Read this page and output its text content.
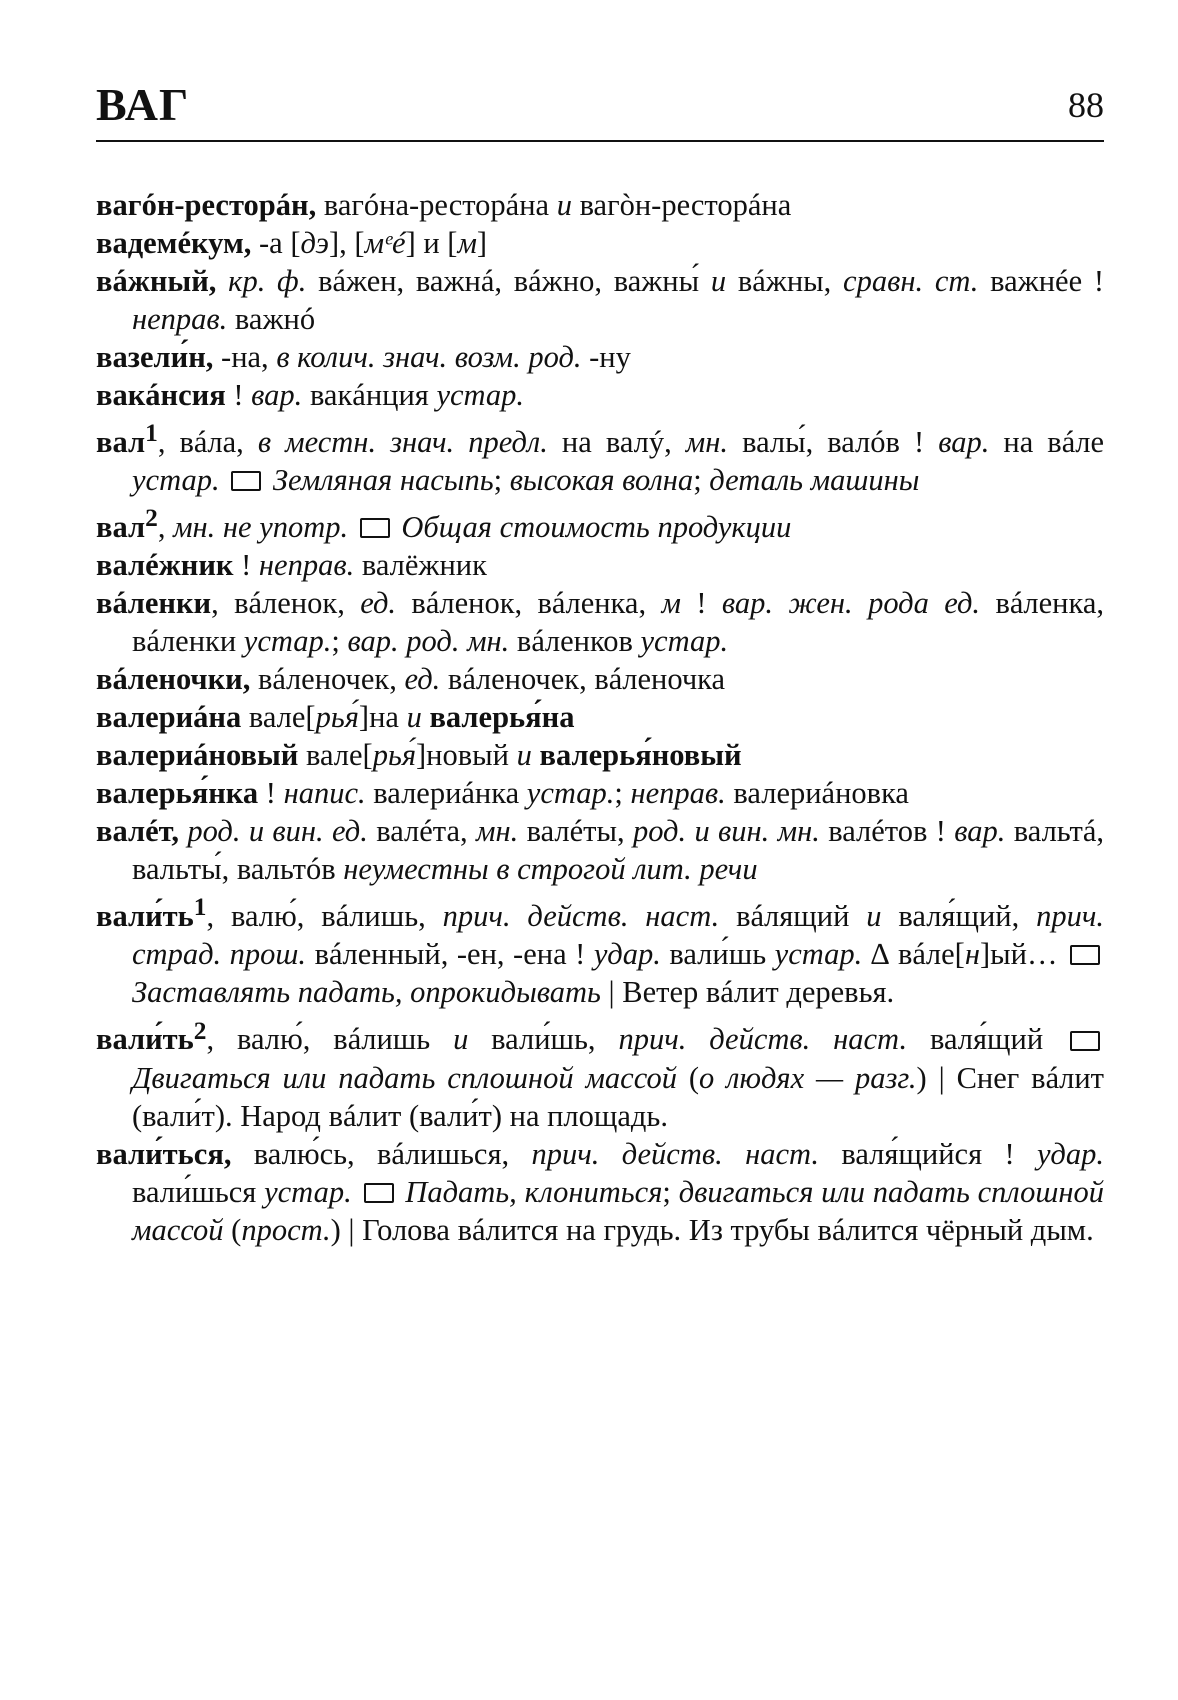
ВАГ	88
вагóн-ресторáн, вагóна-ресторáна и вагòн-ресторáна
вадемéкум, -а [дэ], [мᵉé] и [м]
вáжный, кр. ф. вáжен, важнá, вáжно, важны́ и вáжны, сравн. ст. важнéе ! неправ. важнó
вазели́н, -на, в колич. знач. возм. род. -ну
вакáнсия ! вар. вакáнция устар.
вал$^1$, вáла, в местн. знач. предл. на валý, мн. валы́, валóв ! вар. на вáле устар.  Земляная насыпь; высокая волна; деталь машины
вал$^2$, мн. не употр.  Общая стоимость продукции
валéжник ! неправ. валёжник
вáленки, вáленок, ед. вáленок, вáленка, м ! вар. жен. рода ед. вáленка, вáленки устар.; вар. род. мн. вáленков устар.
вáленочки, вáленочек, ед. вáленочек, вáленочка
валериáна вале[рья́]на и валерья́на
валериáновый вале[рья́]новый и валерья́новый
валерья́нка ! напис. валериáнка устар.; неправ. валериáновка
валéт, род. и вин. ед. валéта, мн. валéты, род. и вин. мн. валéтов ! вар. вальтá, вальты́, вальтóв неуместны в строгой лит. речи
$вали́ть^1$, валю́, вáлишь, прич. действ. наст. вáлящий и валя́щий, прич. страд. прош. вáленный, -ен, -ена ! удар. вали́шь устар. ∆ вáле[н]ый…  Заставлять падать, опрокидывать | Ветер вáлит деревья.
$вали́ть^2$, валю́, вáлишь и вали́шь, прич. действ. наст. валя́щий  Двигаться или падать сплошной массой (о людях — разг.) | Снег вáлит (вали́т). Народ вáлит (вали́т) на площадь.
вали́ться, валю́сь, вáлишься, прич. действ. наст. валя́щийся ! удар. вали́шься устар.  Падать, клониться; двигаться или падать сплошной массой (прост.) | Голова вáлится на грудь. Из трубы вáлится чёрный дым.
